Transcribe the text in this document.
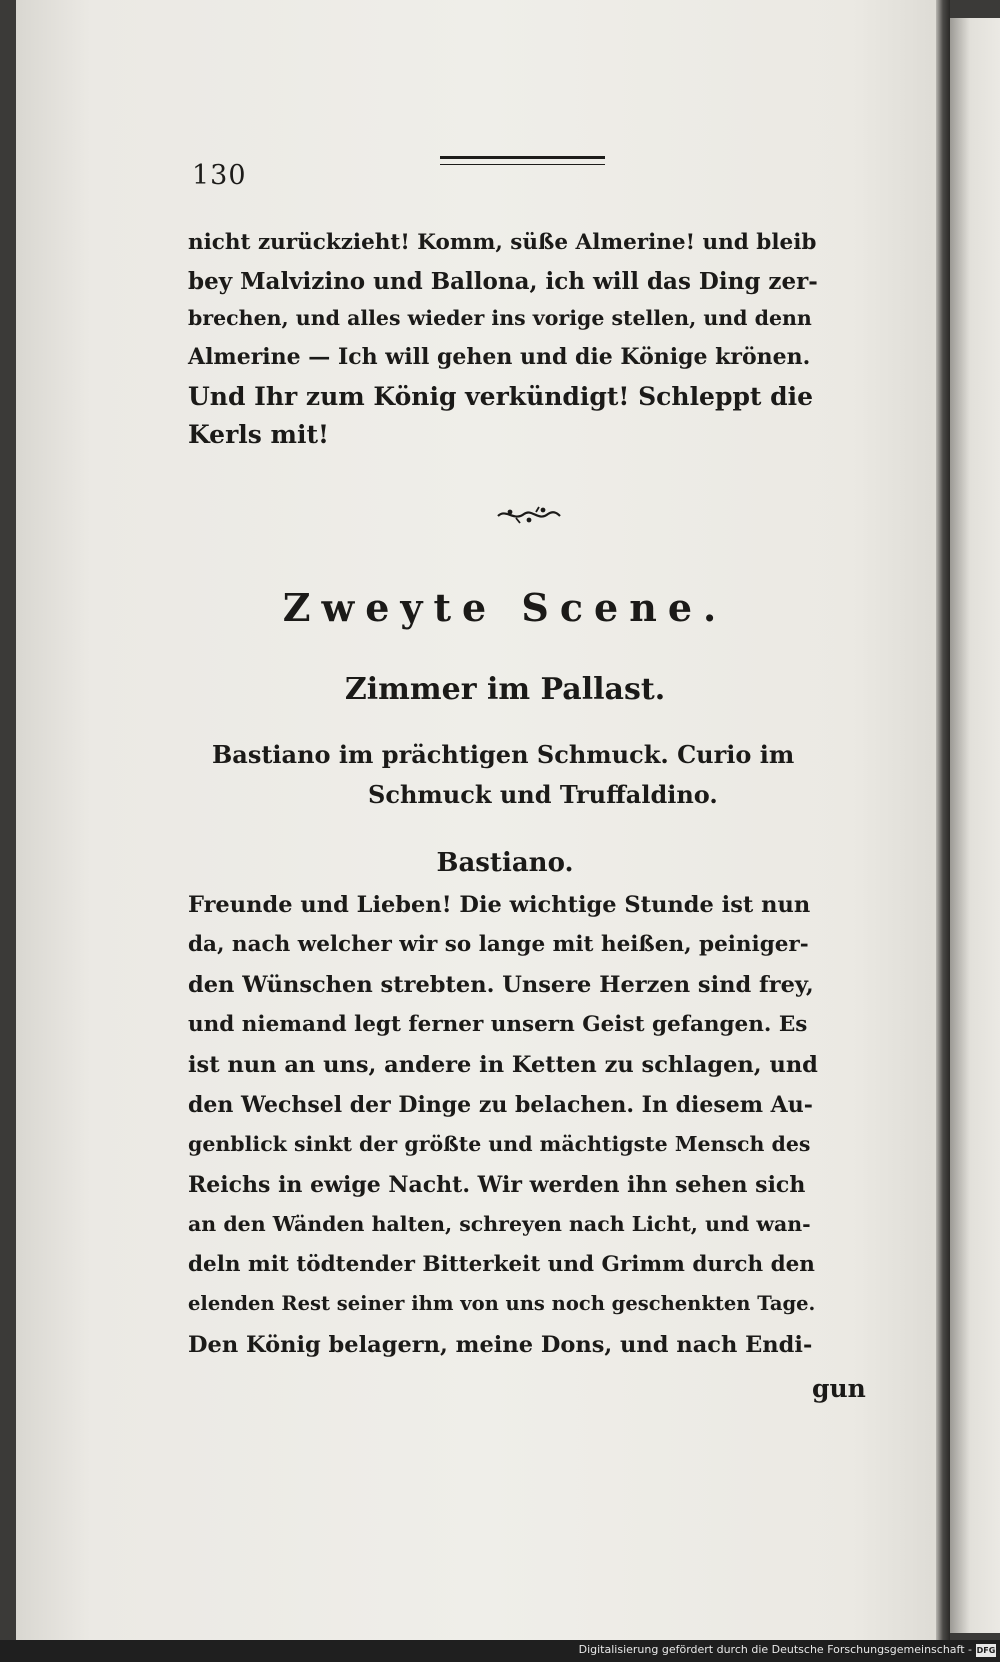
130
nicht zurückzieht! Komm, süße Almerine! und bleib
bey Malvizino und Ballona, ich will das Ding zer-
brechen, und alles wieder ins vorige stellen, und denn
Almerine — Ich will gehen und die Könige krönen.
Und Ihr zum König verkündigt! Schleppt die
Kerls mit!
Zweyte Scene.
Zimmer im Pallast.
Bastiano im prächtigen Schmuck. Curio im
Schmuck und Truffaldino.
Bastiano.
Freunde und Lieben! Die wichtige Stunde ist nun
da, nach welcher wir so lange mit heißen, peiniger-
den Wünschen strebten. Unsere Herzen sind frey,
und niemand legt ferner unsern Geist gefangen. Es
ist nun an uns, andere in Ketten zu schlagen, und
den Wechsel der Dinge zu belachen. In diesem Au-
genblick sinkt der größte und mächtigste Mensch des
Reichs in ewige Nacht. Wir werden ihn sehen sich
an den Wänden halten, schreyen nach Licht, und wan-
deln mit tödtender Bitterkeit und Grimm durch den
elenden Rest seiner ihm von uns noch geschenkten Tage.
Den König belagern, meine Dons, und nach Endi-
gun
Digitalisierung gefördert durch die Deutsche Forschungsgemeinschaft - DFG
